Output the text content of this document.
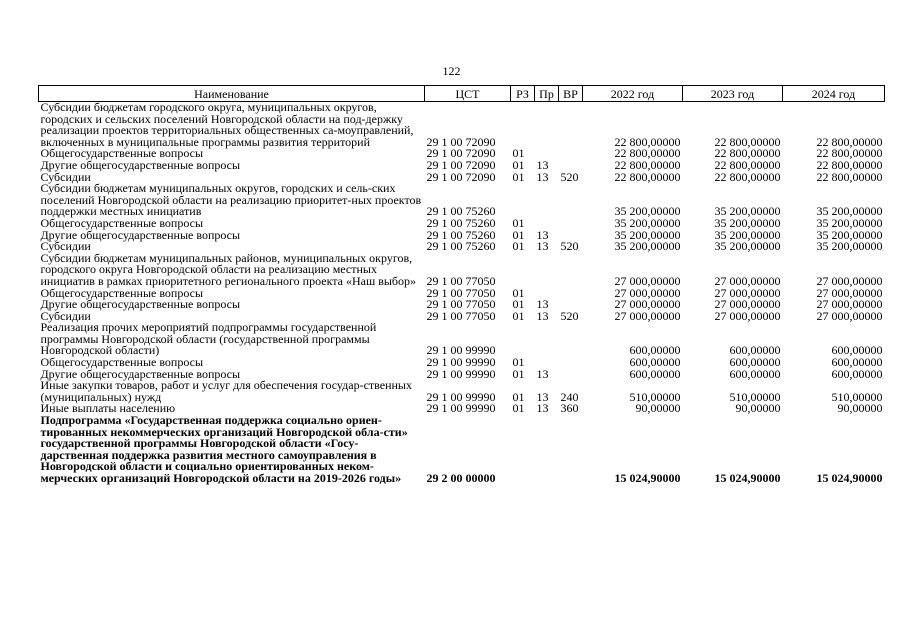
122
Наименование	ЦСТ	РЗ	Пр	ВР	2022 год	2023 год	2024 год
Субсидии бюджетам городского округа, муниципальных округов, городских и сельских поселений Новгородской области на под-держку реализации проектов территориальных общественных са-моуправлений, включенных в муниципальные программы развития территорий	29 1 00 72090				22 800,00000	22 800,00000	22 800,00000
Общегосударственные вопросы	29 1 00 72090	01			22 800,00000	22 800,00000	22 800,00000
Другие общегосударственные вопросы	29 1 00 72090	01	13		22 800,00000	22 800,00000	22 800,00000
Субсидии	29 1 00 72090	01	13	520	22 800,00000	22 800,00000	22 800,00000
Субсидии бюджетам муниципальных округов, городских и сель-ских поселений Новгородской области на реализацию приоритет-ных проектов поддержки местных инициатив	29 1 00 75260				35 200,00000	35 200,00000	35 200,00000
Общегосударственные вопросы	29 1 00 75260	01			35 200,00000	35 200,00000	35 200,00000
Другие общегосударственные вопросы	29 1 00 75260	01	13		35 200,00000	35 200,00000	35 200,00000
Субсидии	29 1 00 75260	01	13	520	35 200,00000	35 200,00000	35 200,00000
Субсидии бюджетам муниципальных районов, муниципальных округов, городского округа Новгородской области на реализацию местных инициатив в рамках приоритетного регионального проекта «Наш выбор»	29 1 00 77050				27 000,00000	27 000,00000	27 000,00000
Общегосударственные вопросы	29 1 00 77050	01			27 000,00000	27 000,00000	27 000,00000
Другие общегосударственные вопросы	29 1 00 77050	01	13		27 000,00000	27 000,00000	27 000,00000
Субсидии	29 1 00 77050	01	13	520	27 000,00000	27 000,00000	27 000,00000
Реализация прочих мероприятий подпрограммы государственной программы Новгородской области (государственной программы Новгородской области)	29 1 00 99990				600,00000	600,00000	600,00000
Общегосударственные вопросы	29 1 00 99990	01			600,00000	600,00000	600,00000
Другие общегосударственные вопросы	29 1 00 99990	01	13		600,00000	600,00000	600,00000
Иные закупки товаров, работ и услуг для обеспечения государ-ственных (муниципальных) нужд	29 1 00 99990	01	13	240	510,00000	510,00000	510,00000
Иные выплаты населению	29 1 00 99990	01	13	360	90,00000	90,00000	90,00000
Подпрограмма «Государственная поддержка социально ориен-тированных некоммерческих организаций Новгородской обла-сти» государственной программы Новгородской области «Госу-дарственная поддержка развития местного самоуправления в Новгородской области и социально ориентированных неком-мерческих организаций Новгородской области на 2019-2026 годы»	29 2 00 00000				15 024,90000	15 024,90000	15 024,90000
